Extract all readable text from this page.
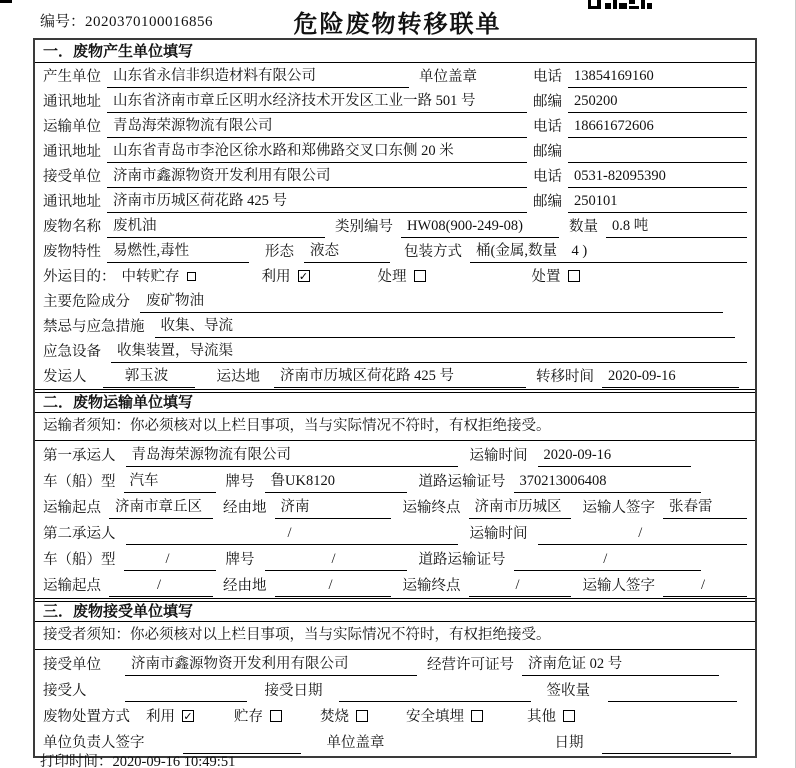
编号：2020370100016856	危险废物转移联单
一．废物产生单位填写
产生单位 山东省永信非织造材料有限公司	单位盖章	电话 13854169160
通讯地址 山东省济南市章丘区明水经济技术开发区工业一路 501 号	邮编 250200
运输单位 青岛海荣源物流有限公司	电话 18661672606
通讯地址 山东省青岛市李沧区徐水路和郑佛路交叉口东侧 20 米	邮编
接受单位 济南市鑫源物资开发利用有限公司	电话 0531-82095390
通讯地址 济南市历城区荷花路 425 号	邮编 250101
废物名称 废机油	类别编号 HW08(900-249-08)	数量 0.8 吨
废物特性 易燃性,毒性	形态	液态	包装方式 桶(金属,数量　4 )
外运目的： 中转贮存	利用 ✓	处理	处置
主要危险成分	废矿物油
禁忌与应急措施	收集、导流
应急设备	收集装置，导流渠
发运人	郭玉波	运达地	济南市历城区荷花路 425 号	转移时间 2020-09-16
二．废物运输单位填写
运输者须知：你必须核对以上栏目事项，当与实际情况不符时，有权拒绝接受。
第一承运人	青岛海荣源物流有限公司	运输时间	2020-09-16
车（船）型 汽车	牌号	鲁UK8120	道路运输证号 370213006408
运输起点 济南市章丘区	经由地 济南	运输终点 济南市历城区	运输人签字 张春雷
第二承运人	/	运输时间	/
车（船）型	/	牌号	/	道路运输证号	/
运输起点	/	经由地	/	运输终点	/	运输人签字	/
三．废物接受单位填写
接受者须知：你必须核对以上栏目事项，当与实际情况不符时，有权拒绝接受。
接受单位	济南市鑫源物资开发利用有限公司	经营许可证号 济南危证 02 号
接受人	接受日期	签收量
废物处置方式 利用 ✓	贮存	焚烧	安全填埋	其他
单位负责人签字	单位盖章	日期
打印时间：2020-09-16 10:49:51
